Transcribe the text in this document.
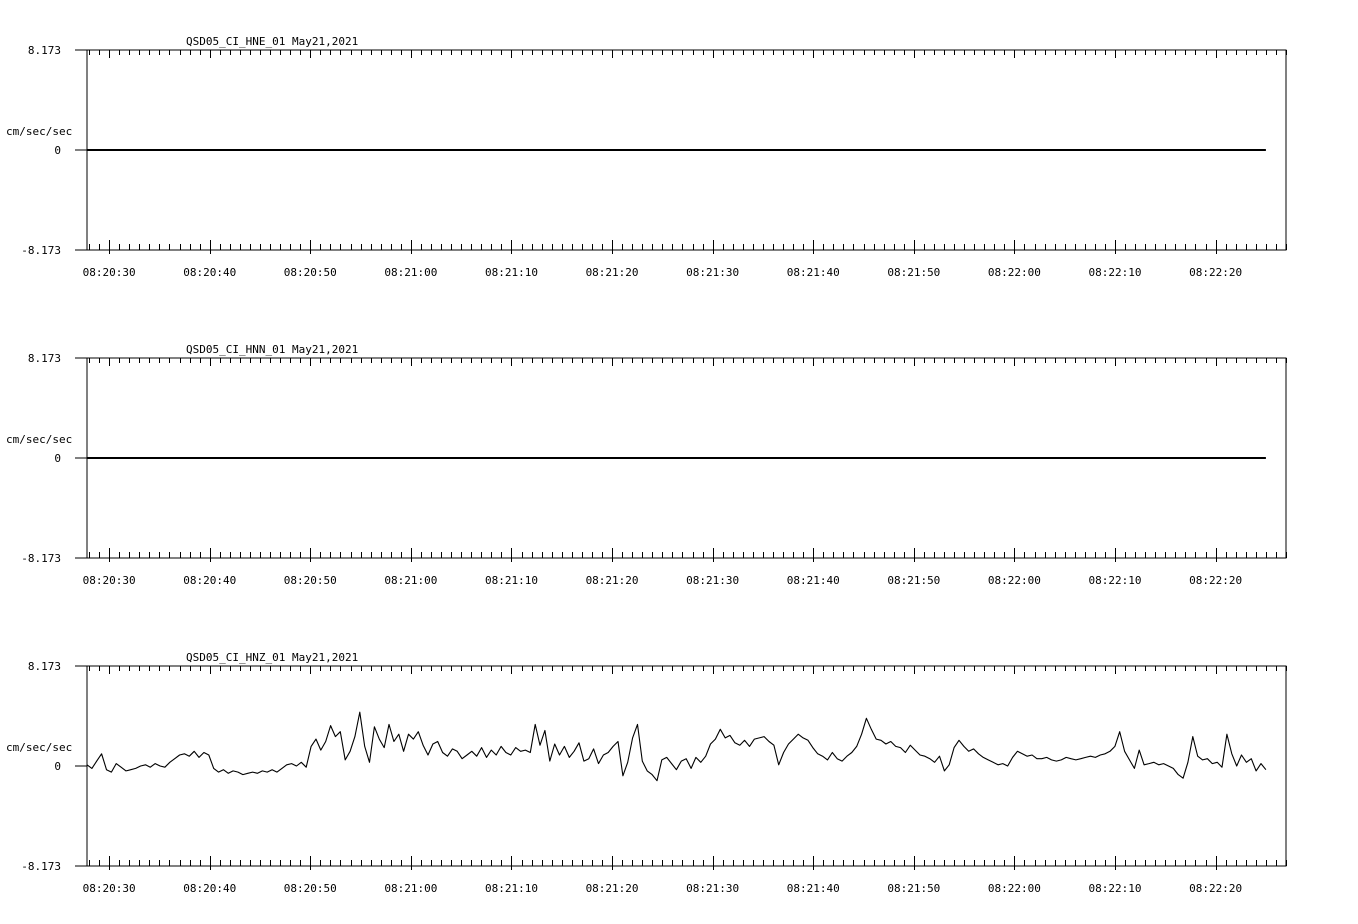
QSD05_CI_HNE_01 May21,2021
cm/sec/sec
8.173
0
-8.173
08:20:30	08:20:40	08:20:50	08:21:00	08:21:10	08:21:20	08:21:30	08:21:40	08:21:50	08:22:00	08:22:10	08:22:20
QSD05_CI_HNN_01 May21,2021
cm/sec/sec
8.173
0
-8.173
08:20:30	08:20:40	08:20:50	08:21:00	08:21:10	08:21:20	08:21:30	08:21:40	08:21:50	08:22:00	08:22:10	08:22:20
QSD05_CI_HNZ_01 May21,2021
cm/sec/sec
8.173
0
-8.173
08:20:30	08:20:40	08:20:50	08:21:00	08:21:10	08:21:20	08:21:30	08:21:40	08:21:50	08:22:00	08:22:10	08:22:20
